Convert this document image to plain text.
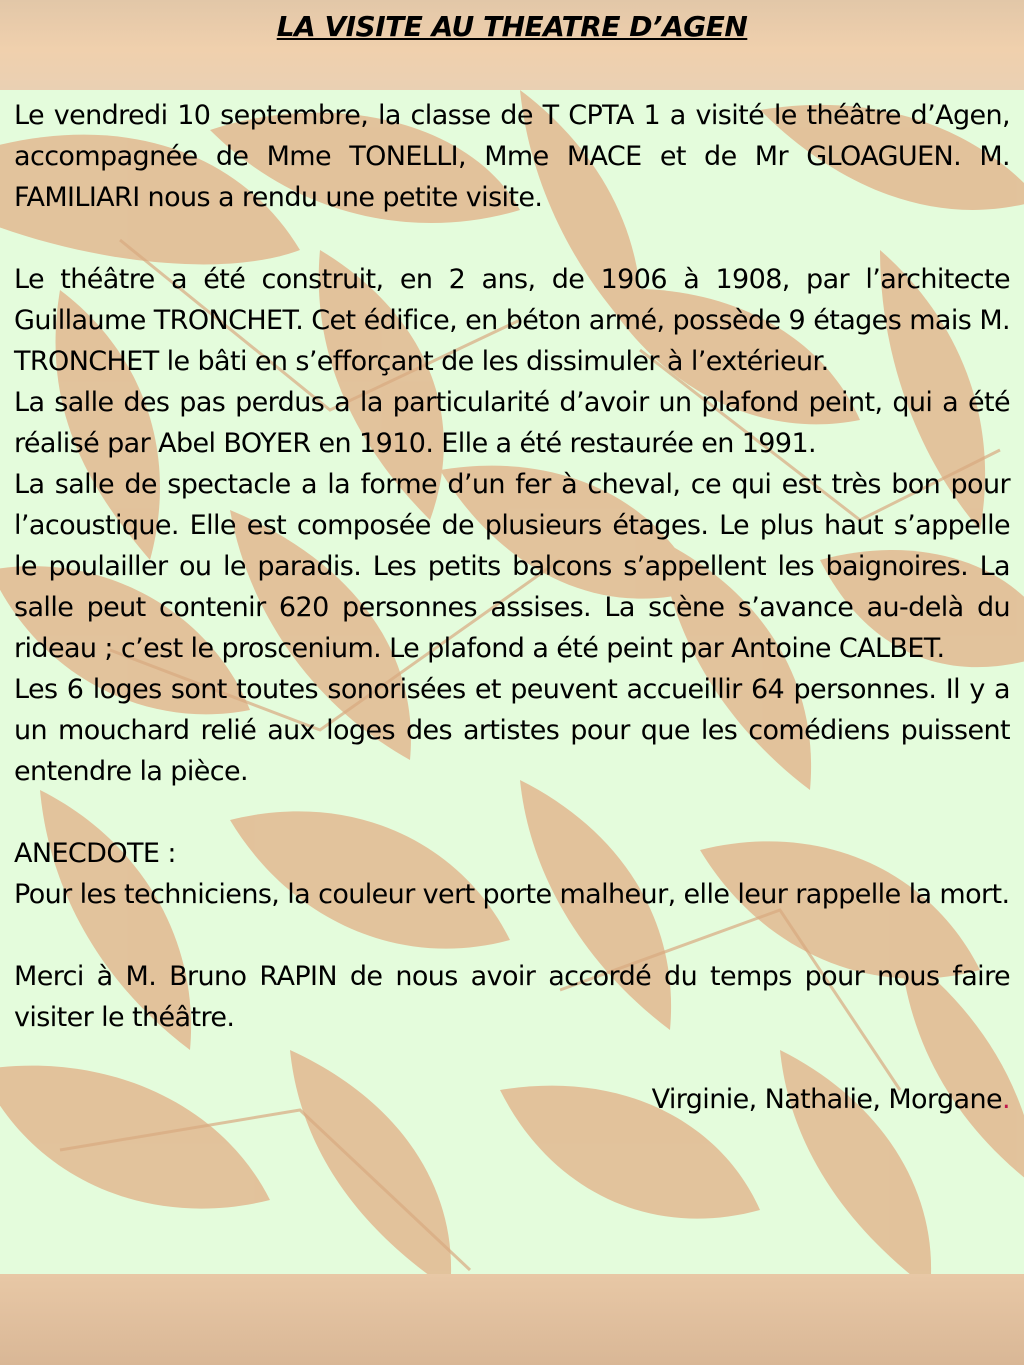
LA VISITE AU THEATRE D’AGEN

Le vendredi 10 septembre, la classe de T CPTA 1 a visité le théâtre d’Agen, accompagnée de Mme TONELLI, Mme MACE et de Mr GLOAGUEN. M. FAMILIARI nous a rendu une petite visite.

Le théâtre a été construit, en 2 ans, de 1906 à 1908, par l’architecte Guillaume TRONCHET. Cet édifice, en béton armé, possède 9 étages mais M. TRONCHET le bâti en s’efforçant de les dissimuler à l’extérieur.

La salle des pas perdus a la particularité d’avoir un plafond peint, qui a été réalisé par Abel BOYER en 1910. Elle a été restaurée en 1991.

La salle de spectacle a la forme d’un fer à cheval, ce qui est très bon pour l’acoustique. Elle est composée de plusieurs étages. Le plus haut s’appelle le poulailler ou le paradis. Les petits balcons s’appellent les baignoires. La salle peut contenir 620 personnes assises. La scène s’avance au-delà du rideau ; c’est le proscenium. Le plafond a été peint par Antoine CALBET.

Les 6 loges sont toutes sonorisées et peuvent accueillir 64 personnes. Il y a un mouchard relié aux loges des artistes pour que les comédiens puissent entendre la pièce.

ANECDOTE :

Pour les techniciens, la couleur vert porte malheur, elle leur rappelle la mort.

Merci à M. Bruno RAPIN de nous avoir accordé du temps pour nous faire visiter le théâtre.

Virginie, Nathalie, Morgane.
